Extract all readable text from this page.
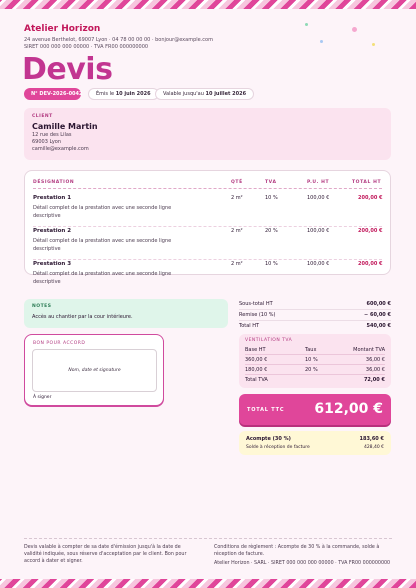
Atelier Horizon
24 avenue Berthelot, 69007 Lyon · 04 78 00 00 00 · bonjour@example.com
SIRET 000 000 000 00000 · TVA FR00 000000000
Devis
N° DEV-2026-0042	Émis le 10 juin 2026	Valable jusqu'au 10 juillet 2026
CLIENT
Camille Martin
12 rue des Lilas
69003 Lyon
camille@example.com
DÉSIGNATION	QTÉ	TVA	P.U. HT	TOTAL HT
Prestation 1
Détail complet de la prestation avec une seconde ligne descriptive
2 m²	10 %	100,00 €	200,00 €
Prestation 2
Détail complet de la prestation avec une seconde ligne descriptive
2 m²	20 %	100,00 €	200,00 €
Prestation 3
Détail complet de la prestation avec une seconde ligne descriptive
2 m²	10 %	100,00 €	200,00 €
NOTES
Accès au chantier par la cour intérieure.
BON POUR ACCORD
Nom, date et signature
À signer
Sous-total HT	600,00 €
Remise (10 %)	− 60,00 €
Total HT	540,00 €
VENTILATION TVA
Base HT	Taux	Montant TVA
360,00 €	10 %	36,00 €
180,00 €	20 %	36,00 €
Total TVA	72,00 €
TOTAL TTC 612,00 €
Acompte (30 %)	183,60 €
Solde à réception de facture	428,40 €
Devis valable à compter de sa date d'émission jusqu'à la date de validité indiquée, sous réserve d'acceptation par le client. Bon pour accord à dater et signer.
Conditions de règlement : Acompte de 30 % à la commande, solde à réception de facture.
Atelier Horizon · SARL · SIRET 000 000 000 00000 · TVA FR00 000000000
